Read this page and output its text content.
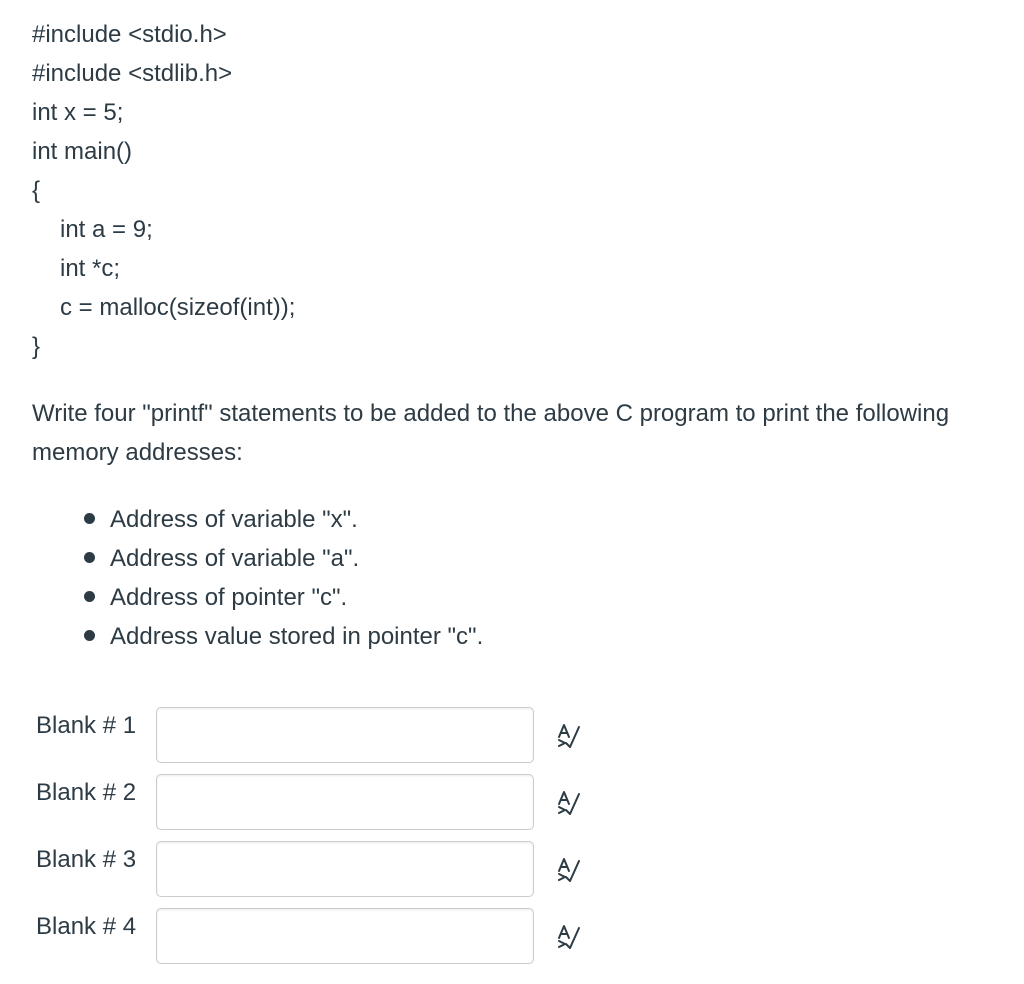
#include <stdio.h>
#include <stdlib.h>
int x = 5;
int main()
{
int a = 9;
int *c;
c = malloc(sizeof(int));
}
Write four "printf" statements to be added to the above C program to print the following memory addresses:
Address of variable "x".
Address of variable "a".
Address of pointer "c".
Address value stored in pointer "c".
Blank # 1
Blank # 2
Blank # 3
Blank # 4
